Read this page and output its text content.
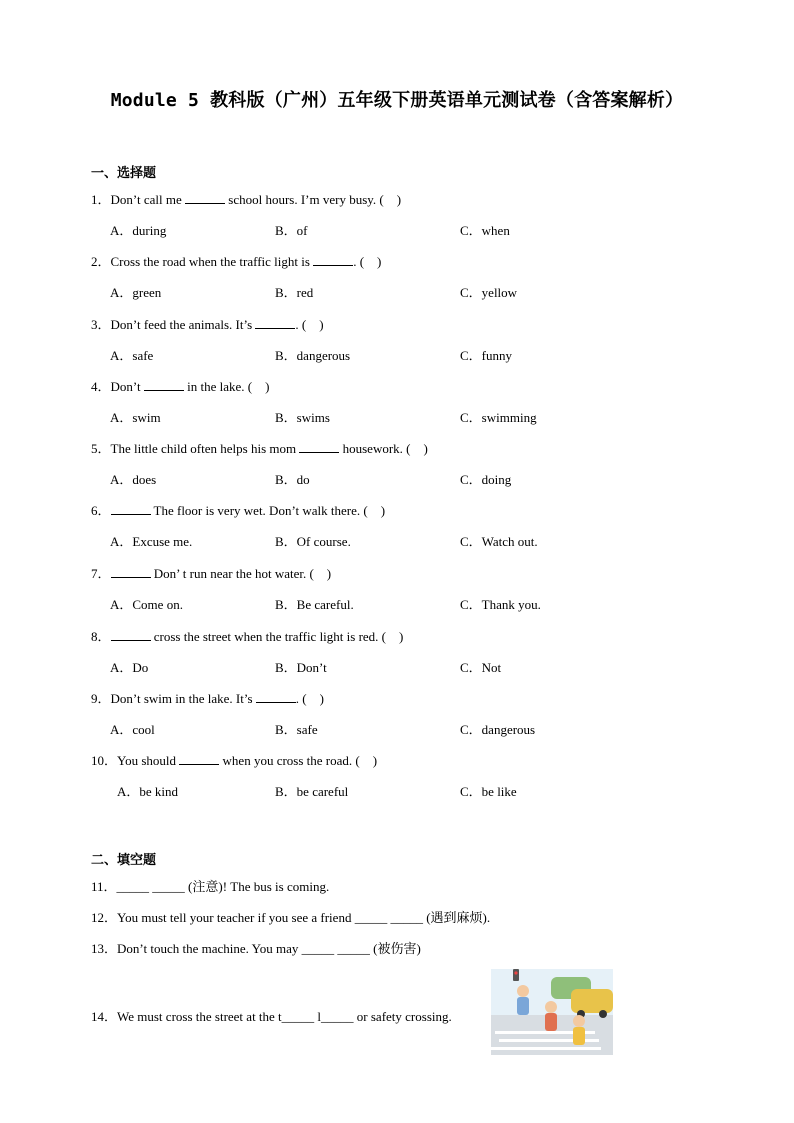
Module 5 教科版（广州）五年级下册英语单元测试卷（含答案解析）
一、选择题
1．Don’t call me	school hours. I’m very busy. (　)
A．during	B．of	C．when
2．Cross the road when the traffic light is	. (　)
A．green	B．red	C．yellow
3．Don’t feed the animals. It’s	. (　)
A．safe	B．dangerous	C．funny
4．Don’t	in the lake. (　)
A．swim	B．swims	C．swimming
5．The little child often helps his mom	housework. (　)
A．does	B．do	C．doing
6．	The floor is very wet. Don’t walk there. (　)
A．Excuse me.	B．Of course.	C．Watch out.
7．	Don’ t run near the hot water. (　)
A．Come on.	B．Be careful.	C．Thank you.
8．	cross the street when the traffic light is red. (　)
A．Do	B．Don’t	C．Not
9．Don’t swim in the lake. It’s	. (　)
A．cool	B．safe	C．dangerous
10．You should	when you cross the road. (　)
A．be kind	B．be careful	C．be like
二、填空题
11．_____ _____ (注意)! The bus is coming.
12．You must tell your teacher if you see a friend _____ _____ (遇到麻烦).
13．Don’t touch the machine. You may _____ _____ (被伤害)
14．We must cross the street at the t_____ l_____ or safety crossing.
